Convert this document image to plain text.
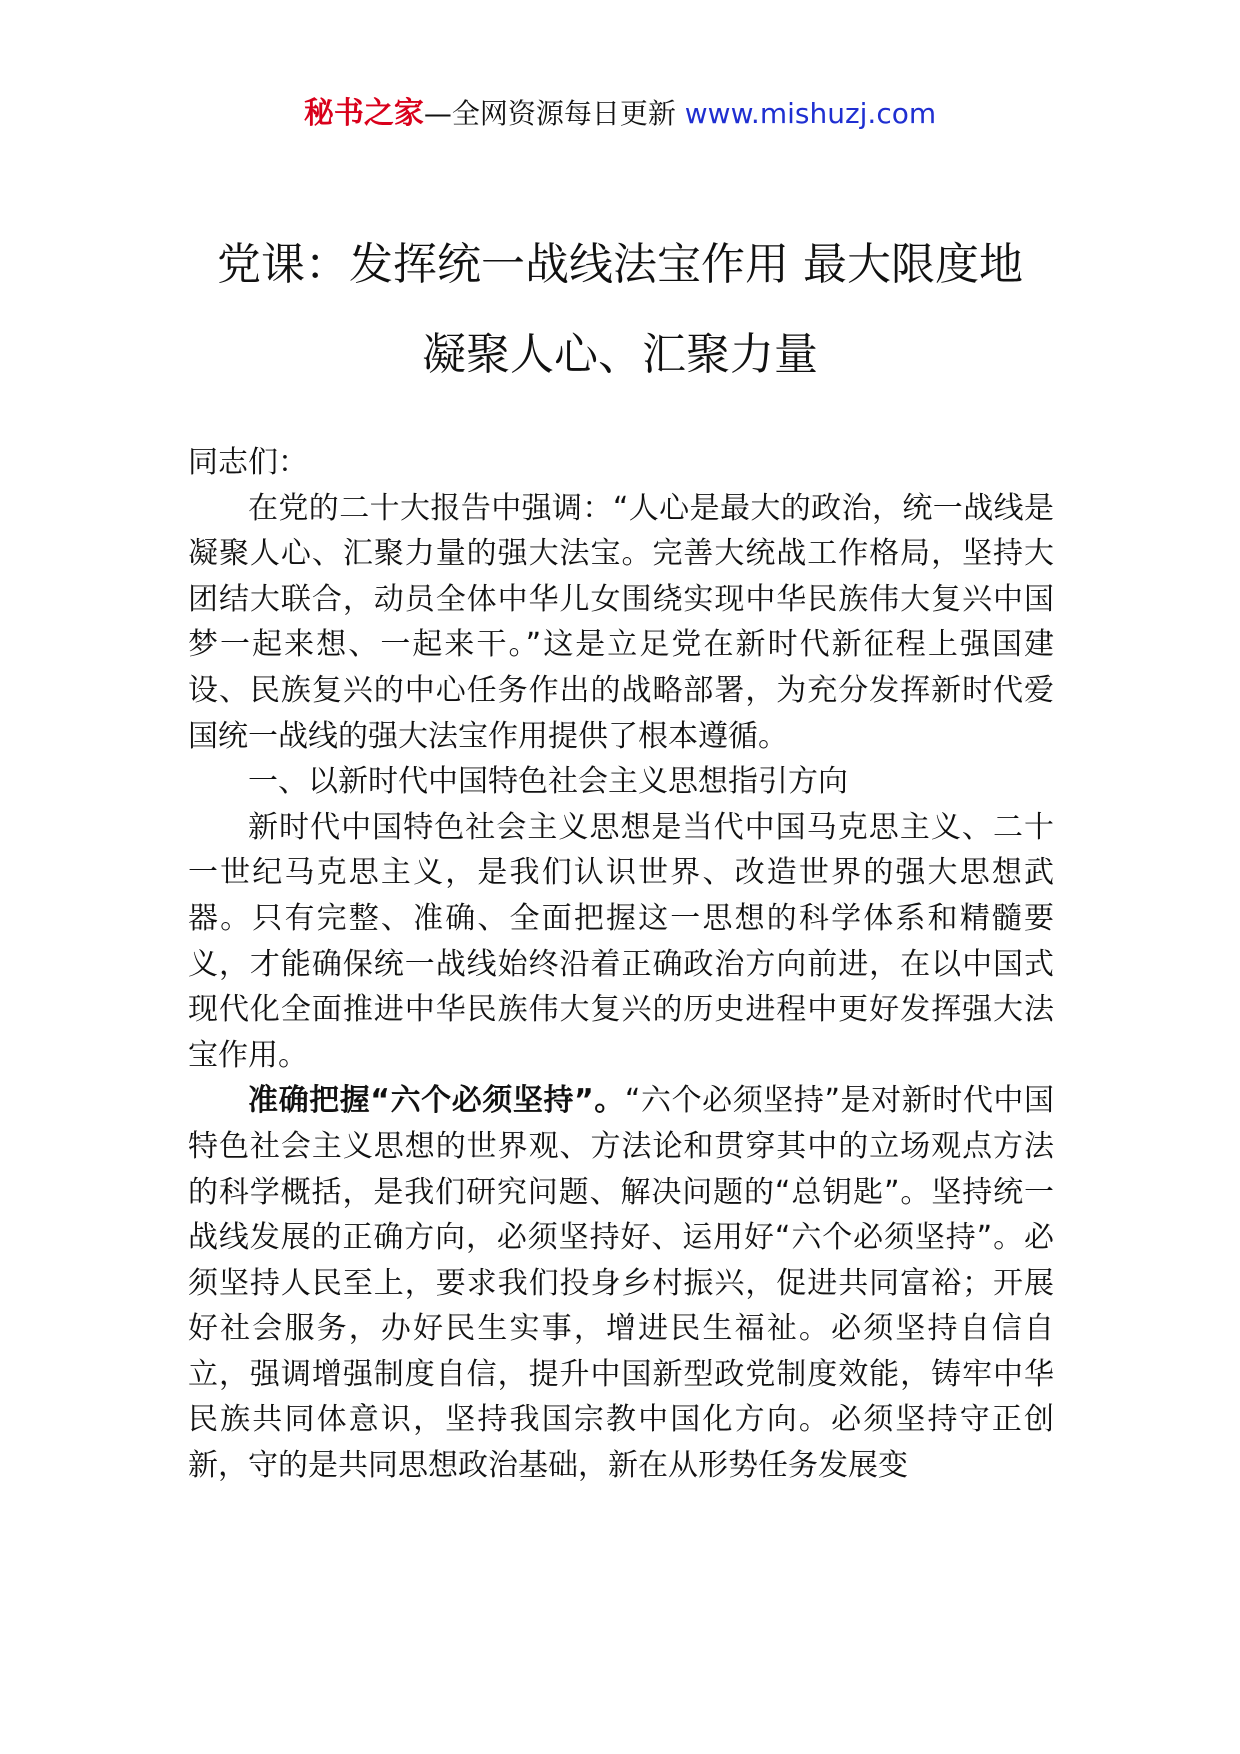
秘书之家—全网资源每日更新 www.mishuzj.com
党课：发挥统一战线法宝作用 最大限度地
凝聚人心、汇聚力量

同志们：

在党的二十大报告中强调：“人心是最大的政治，统一战线是凝聚人心、汇聚力量的强大法宝。完善大统战工作格局，坚持大团结大联合，动员全体中华儿女围绕实现中华民族伟大复兴中国梦一起来想、一起来干。”这是立足党在新时代新征程上强国建设、民族复兴的中心任务作出的战略部署，为充分发挥新时代爱国统一战线的强大法宝作用提供了根本遵循。

一、以新时代中国特色社会主义思想指引方向

新时代中国特色社会主义思想是当代中国马克思主义、二十一世纪马克思主义，是我们认识世界、改造世界的强大思想武器。只有完整、准确、全面把握这一思想的科学体系和精髓要义，才能确保统一战线始终沿着正确政治方向前进，在以中国式现代化全面推进中华民族伟大复兴的历史进程中更好发挥强大法宝作用。

准确把握“六个必须坚持”。“六个必须坚持”是对新时代中国特色社会主义思想的世界观、方法论和贯穿其中的立场观点方法的科学概括，是我们研究问题、解决问题的“总钥匙”。坚持统一战线发展的正确方向，必须坚持好、运用好“六个必须坚持”。必须坚持人民至上，要求我们投身乡村振兴，促进共同富裕；开展好社会服务，办好民生实事，增进民生福祉。必须坚持自信自立，强调增强制度自信，提升中国新型政党制度效能，铸牢中华民族共同体意识，坚持我国宗教中国化方向。必须坚持守正创新，守的是共同思想政治基础，新在从形势任务发展变
